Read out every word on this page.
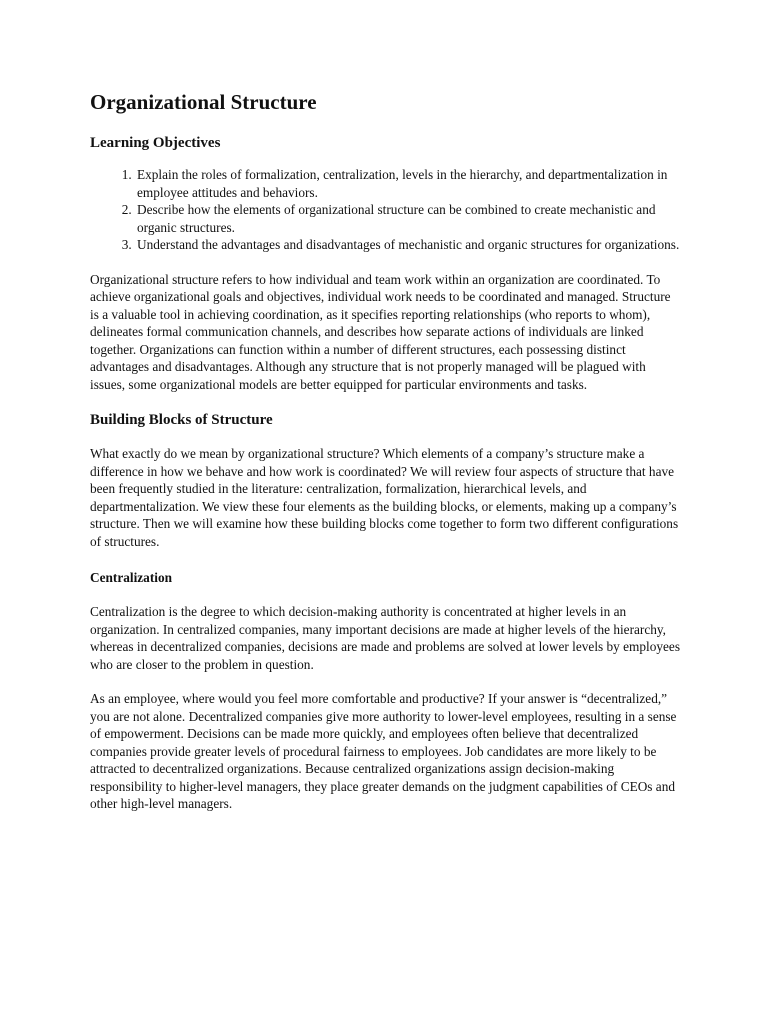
Organizational Structure
Learning Objectives
1. Explain the roles of formalization, centralization, levels in the hierarchy, and departmentalization in employee attitudes and behaviors.
2. Describe how the elements of organizational structure can be combined to create mechanistic and organic structures.
3. Understand the advantages and disadvantages of mechanistic and organic structures for organizations.

Organizational structure refers to how individual and team work within an organization are coordinated. To achieve organizational goals and objectives, individual work needs to be coordinated and managed. Structure is a valuable tool in achieving coordination, as it specifies reporting relationships (who reports to whom), delineates formal communication channels, and describes how separate actions of individuals are linked together. Organizations can function within a number of different structures, each possessing distinct advantages and disadvantages. Although any structure that is not properly managed will be plagued with issues, some organizational models are better equipped for particular environments and tasks.

Building Blocks of Structure

What exactly do we mean by organizational structure? Which elements of a company’s structure make a difference in how we behave and how work is coordinated? We will review four aspects of structure that have been frequently studied in the literature: centralization, formalization, hierarchical levels, and departmentalization. We view these four elements as the building blocks, or elements, making up a company’s structure. Then we will examine how these building blocks come together to form two different configurations of structures.

Centralization

Centralization is the degree to which decision-making authority is concentrated at higher levels in an organization. In centralized companies, many important decisions are made at higher levels of the hierarchy, whereas in decentralized companies, decisions are made and problems are solved at lower levels by employees who are closer to the problem in question.

As an employee, where would you feel more comfortable and productive? If your answer is “decentralized,” you are not alone. Decentralized companies give more authority to lower-level employees, resulting in a sense of empowerment. Decisions can be made more quickly, and employees often believe that decentralized companies provide greater levels of procedural fairness to employees. Job candidates are more likely to be attracted to decentralized organizations. Because centralized organizations assign decision-making responsibility to higher-level managers, they place greater demands on the judgment capabilities of CEOs and other high-level managers.
